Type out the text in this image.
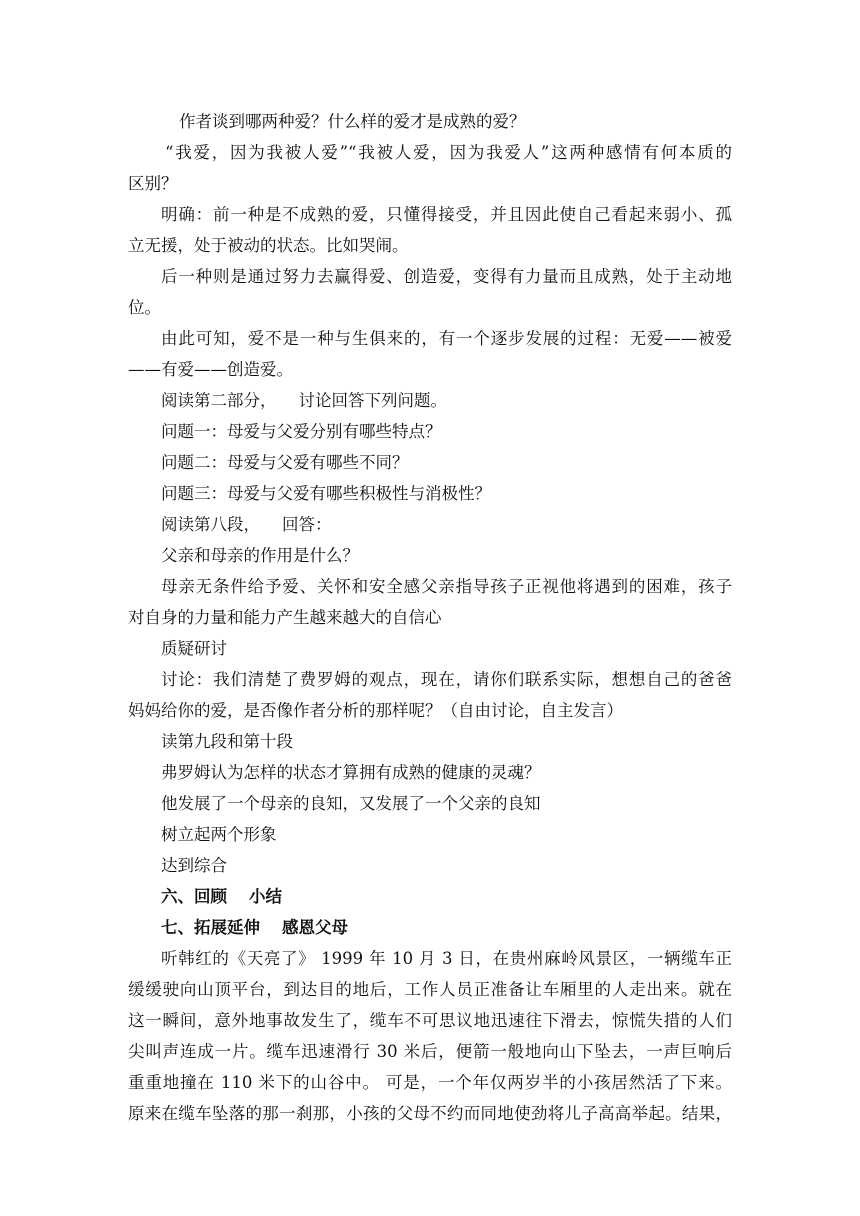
作者谈到哪两种爱？什么样的爱才是成熟的爱？

“我爱，因为我被人爱”“我被人爱，因为我爱人”这两种感情有何本质的

区别？

明确：前一种是不成熟的爱，只懂得接受，并且因此使自己看起来弱小、孤

立无援，处于被动的状态。比如哭闹。

后一种则是通过努力去赢得爱、创造爱，变得有力量而且成熟，处于主动地

位。

由此可知，爱不是一种与生俱来的，有一个逐步发展的过程：无爱——被爱

——有爱——创造爱。

阅读第二部分， 讨论回答下列问题。

问题一：母爱与父爱分别有哪些特点？

问题二：母爱与父爱有哪些不同？

问题三：母爱与父爱有哪些积极性与消极性？

阅读第八段， 回答：

父亲和母亲的作用是什么？

母亲无条件给予爱、关怀和安全感父亲指导孩子正视他将遇到的困难，孩子

对自身的力量和能力产生越来越大的自信心

质疑研讨

讨论：我们清楚了费罗姆的观点，现在，请你们联系实际，想想自己的爸爸

妈妈给你的爱，是否像作者分析的那样呢？（自由讨论，自主发言）

读第九段和第十段

弗罗姆认为怎样的状态才算拥有成熟的健康的灵魂？

他发展了一个母亲的良知，又发展了一个父亲的良知

树立起两个形象

达到综合

六、回顾 小结

七、拓展延伸 感恩父母

听韩红的《天亮了》 1999 年 10 月 3 日，在贵州麻岭风景区，一辆缆车正

缓缓驶向山顶平台，到达目的地后，工作人员正准备让车厢里的人走出来。就在

这一瞬间，意外地事故发生了，缆车不可思议地迅速往下滑去，惊慌失措的人们

尖叫声连成一片。缆车迅速滑行 30 米后，便箭一般地向山下坠去，一声巨响后

重重地撞在 110 米下的山谷中。 可是，一个年仅两岁半的小孩居然活了下来。

原来在缆车坠落的那一刹那，小孩的父母不约而同地使劲将儿子高高举起。结果，
